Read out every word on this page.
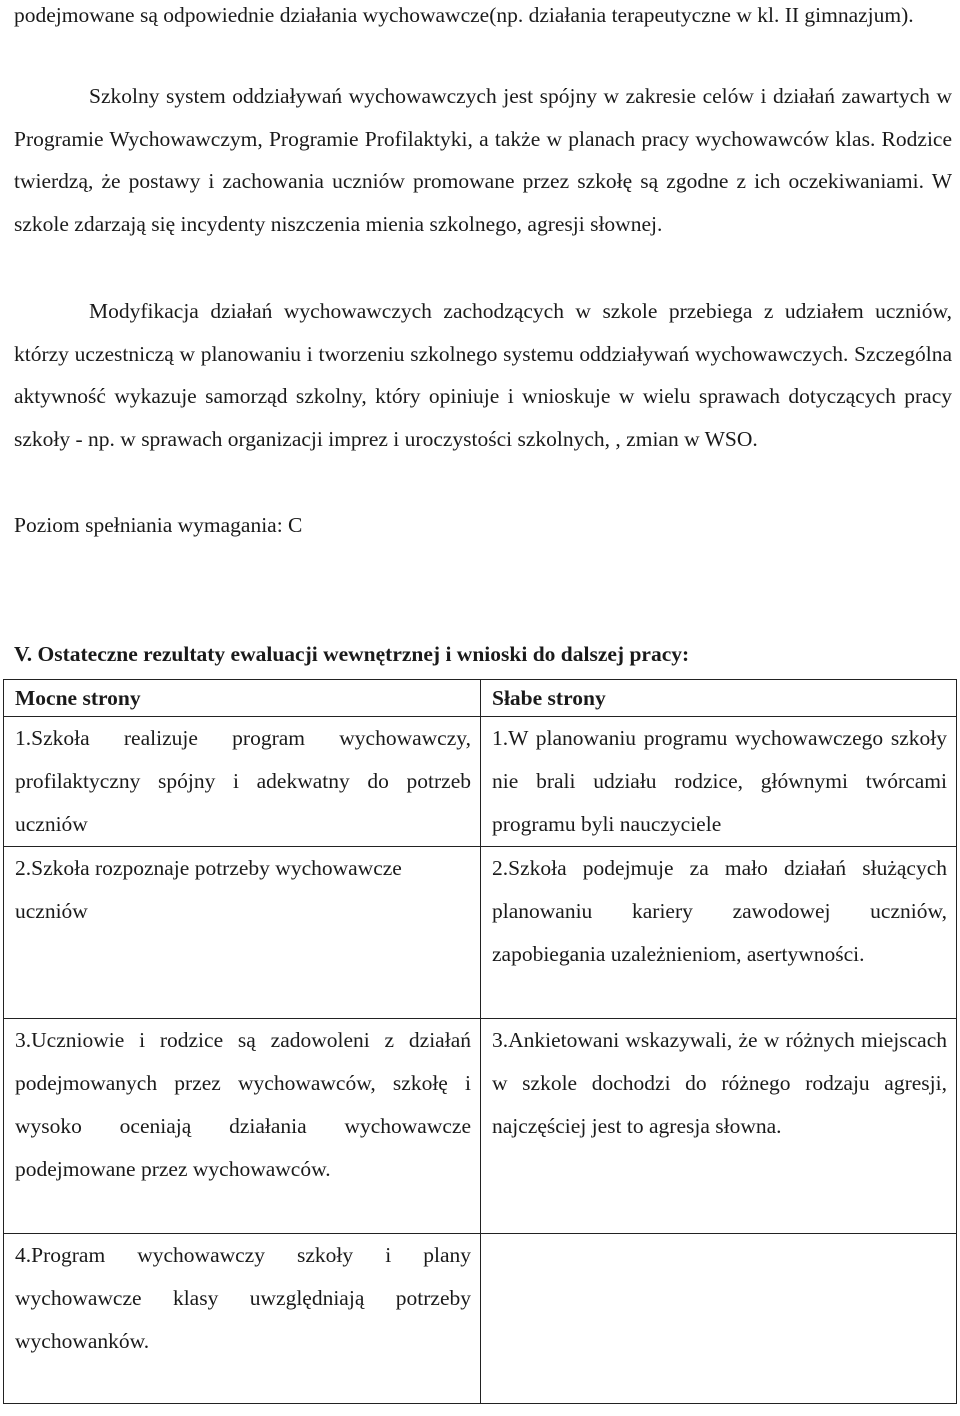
podejmowane są odpowiednie działania wychowawcze(np. działania terapeutyczne w kl. II gimnazjum).

Szkolny system oddziaływań wychowawczych jest spójny w zakresie celów i działań zawartych w Programie Wychowawczym, Programie Profilaktyki, a także w planach pracy wychowawców klas. Rodzice twierdzą, że postawy i zachowania uczniów promowane przez szkołę są zgodne z ich oczekiwaniami. W szkole zdarzają się incydenty niszczenia mienia szkolnego, agresji słownej.

Modyfikacja działań wychowawczych zachodzących w szkole przebiega z udziałem uczniów, którzy uczestniczą w planowaniu i tworzeniu szkolnego systemu oddziaływań wychowawczych. Szczególna aktywność wykazuje samorząd szkolny, który opiniuje i wnioskuje w wielu sprawach dotyczących pracy szkoły - np. w sprawach organizacji imprez i uroczystości szkolnych, , zmian w WSO.

Poziom spełniania wymagania: C

V. Ostateczne rezultaty ewaluacji wewnętrznej i wnioski do dalszej pracy:

Mocne strony	Słabe strony
1.Szkoła realizuje program wychowawczy, profilaktyczny spójny i adekwatny do potrzeb uczniów	1.W planowaniu programu wychowawczego szkoły nie brali udziału rodzice, głównymi twórcami programu byli nauczyciele
2.Szkoła rozpoznaje potrzeby wychowawcze uczniów	2.Szkoła podejmuje za mało działań służących planowaniu kariery zawodowej uczniów, zapobiegania uzależnieniom, asertywności.
3.Uczniowie i rodzice są zadowoleni z działań podejmowanych przez wychowawców, szkołę i wysoko oceniają działania wychowawcze podejmowane przez wychowawców.	3.Ankietowani wskazywali, że w różnych miejscach w szkole dochodzi do różnego rodzaju agresji, najczęściej jest to agresja słowna.
4.Program wychowawczy szkoły i plany wychowawcze klasy uwzględniają potrzeby wychowanków.	
